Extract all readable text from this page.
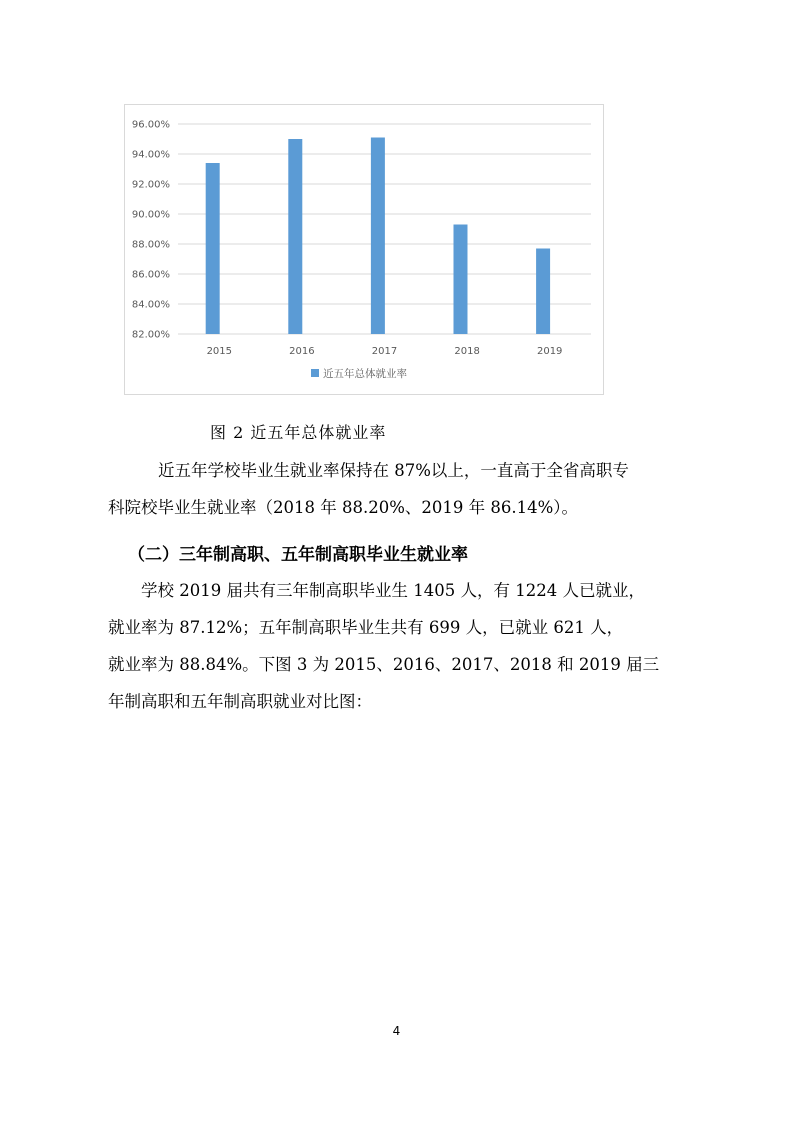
82.00%
84.00%
86.00%
88.00%
90.00%
92.00%
94.00%
96.00%
2015	2016	2017	2018	2019
近五年总体就业率
图 2 近五年总体就业率

近五年学校毕业生就业率保持在 87%以上，一直高于全省高职专
科院校毕业生就业率（2018 年 88.20%、2019 年 86.14%）。

（二）三年制高职、五年制高职毕业生就业率

学校 2019 届共有三年制高职毕业生 1405 人，有 1224 人已就业，
就业率为 87.12%；五年制高职毕业生共有 699 人，已就业 621 人，
就业率为 88.84%。下图 3 为 2015、2016、2017、2018 和 2019 届三
年制高职和五年制高职就业对比图：

4
